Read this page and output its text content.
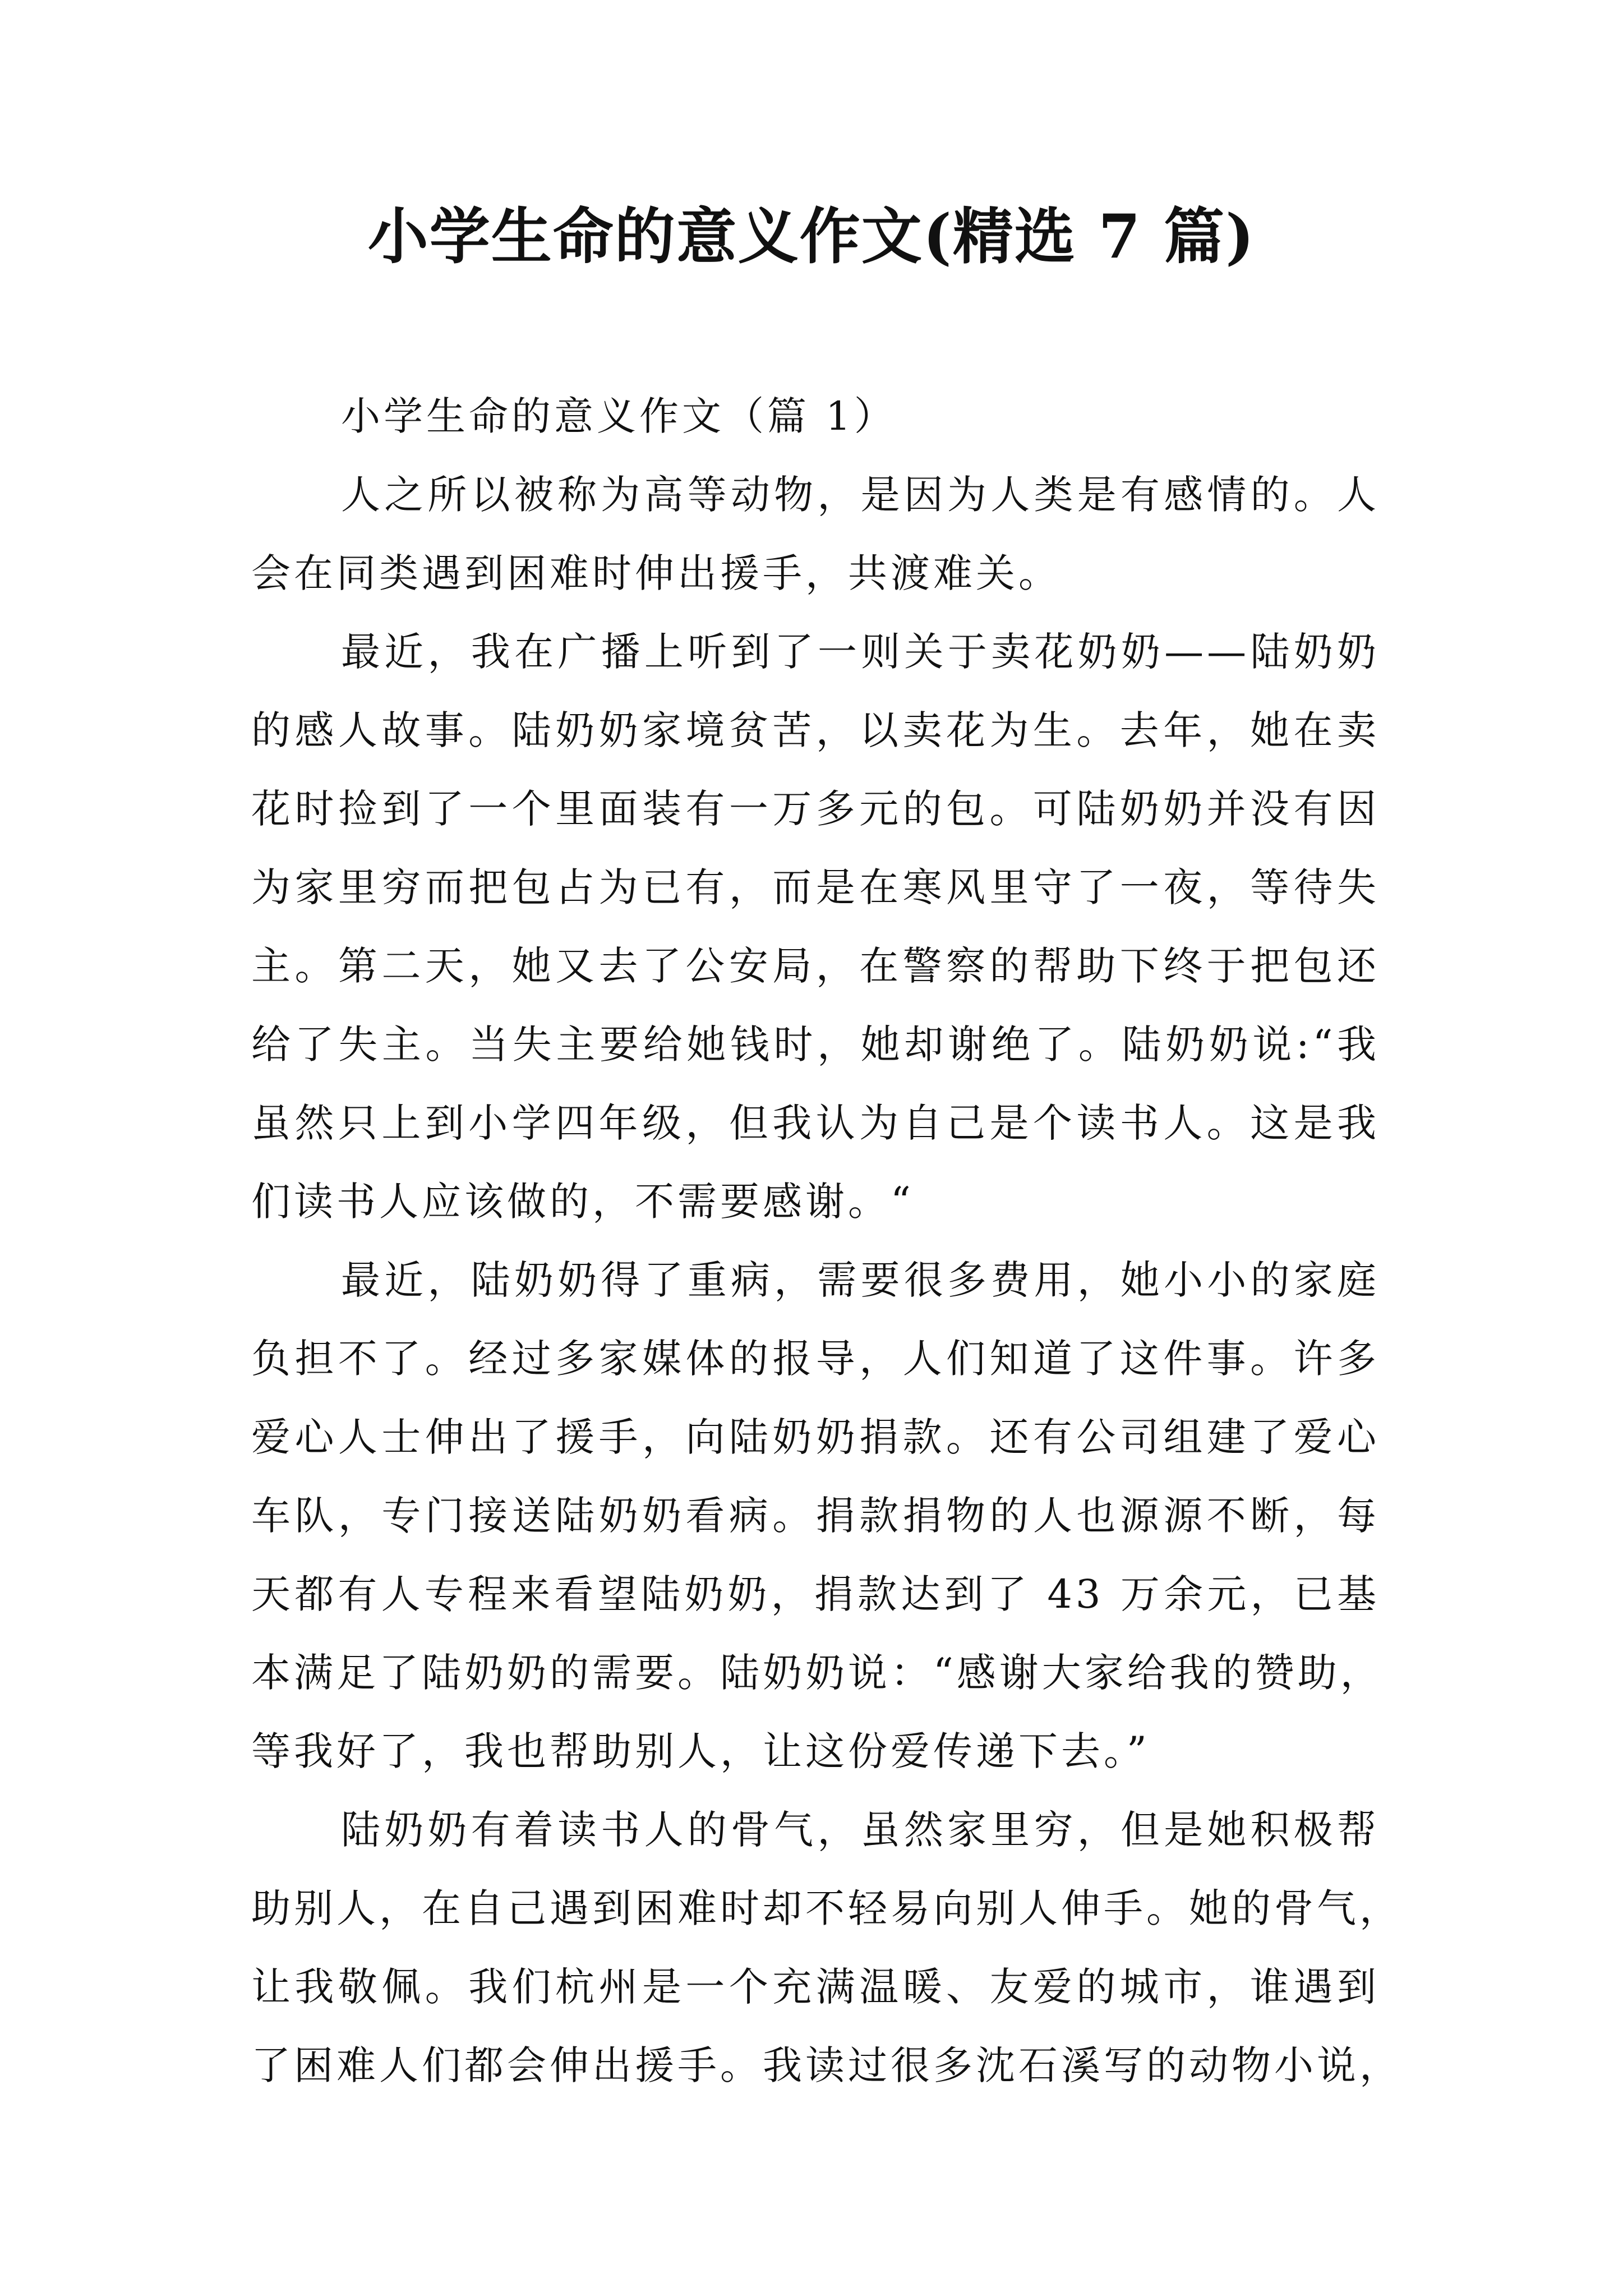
小学生命的意义作文(精选 7 篇)
小学生命的意义作文（篇 1）
人之所以被称为高等动物，是因为人类是有感情的。人
会在同类遇到困难时伸出援手，共渡难关。
最近，我在广播上听到了一则关于卖花奶奶——陆奶奶
的感人故事。陆奶奶家境贫苦，以卖花为生。去年，她在卖
花时捡到了一个里面装有一万多元的包。可陆奶奶并没有因
为家里穷而把包占为已有，而是在寒风里守了一夜，等待失
主。第二天，她又去了公安局，在警察的帮助下终于把包还
给了失主。当失主要给她钱时，她却谢绝了。陆奶奶说:“我
虽然只上到小学四年级，但我认为自己是个读书人。这是我
们读书人应该做的，不需要感谢。“
最近，陆奶奶得了重病，需要很多费用，她小小的家庭
负担不了。经过多家媒体的报导，人们知道了这件事。许多
爱心人士伸出了援手，向陆奶奶捐款。还有公司组建了爱心
车队，专门接送陆奶奶看病。捐款捐物的人也源源不断，每
天都有人专程来看望陆奶奶，捐款达到了 43 万余元，已基
本满足了陆奶奶的需要。陆奶奶说：“感谢大家给我的赞助，
等我好了，我也帮助别人，让这份爱传递下去。”
陆奶奶有着读书人的骨气，虽然家里穷，但是她积极帮
助别人，在自己遇到困难时却不轻易向别人伸手。她的骨气，
让我敬佩。我们杭州是一个充满温暖、友爱的城市，谁遇到
了困难人们都会伸出援手。我读过很多沈石溪写的动物小说，
